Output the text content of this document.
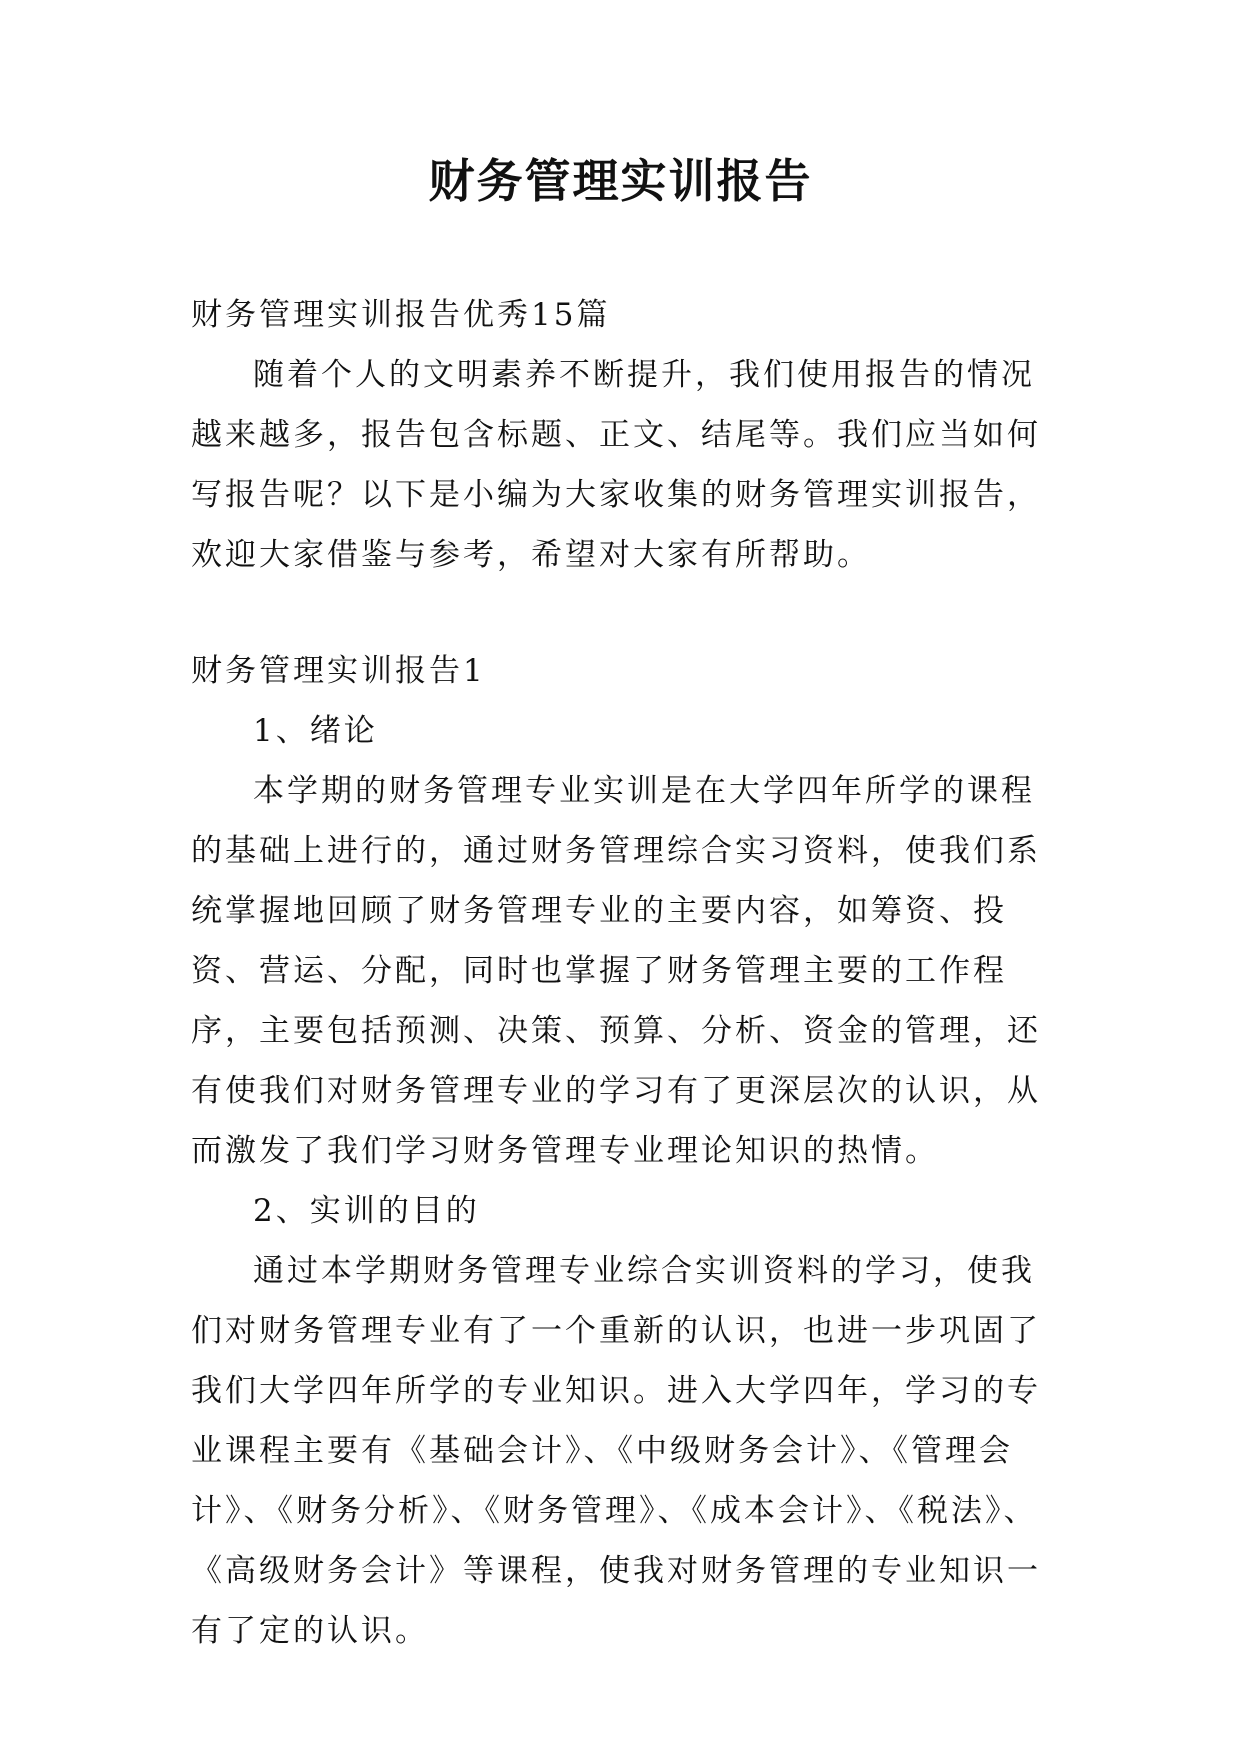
财务管理实训报告

财务管理实训报告优秀15篇

随着个人的文明素养不断提升，我们使用报告的情况越来越多，报告包含标题、正文、结尾等。我们应当如何写报告呢？以下是小编为大家收集的财务管理实训报告，欢迎大家借鉴与参考，希望对大家有所帮助。

财务管理实训报告1

1、绪论

本学期的财务管理专业实训是在大学四年所学的课程的基础上进行的，通过财务管理综合实习资料，使我们系统掌握地回顾了财务管理专业的主要内容，如筹资、投资、营运、分配，同时也掌握了财务管理主要的工作程序，主要包括预测、决策、预算、分析、资金的管理，还有使我们对财务管理专业的学习有了更深层次的认识，从而激发了我们学习财务管理专业理论知识的热情。

2、实训的目的

通过本学期财务管理专业综合实训资料的学习，使我们对财务管理专业有了一个重新的认识，也进一步巩固了我们大学四年所学的专业知识。进入大学四年，学习的专业课程主要有《基础会计》、《中级财务会计》、《管理会计》、《财务分析》、《财务管理》、《成本会计》、《税法》、《高级财务会计》等课程，使我对财务管理的专业知识一有了定的认识。
